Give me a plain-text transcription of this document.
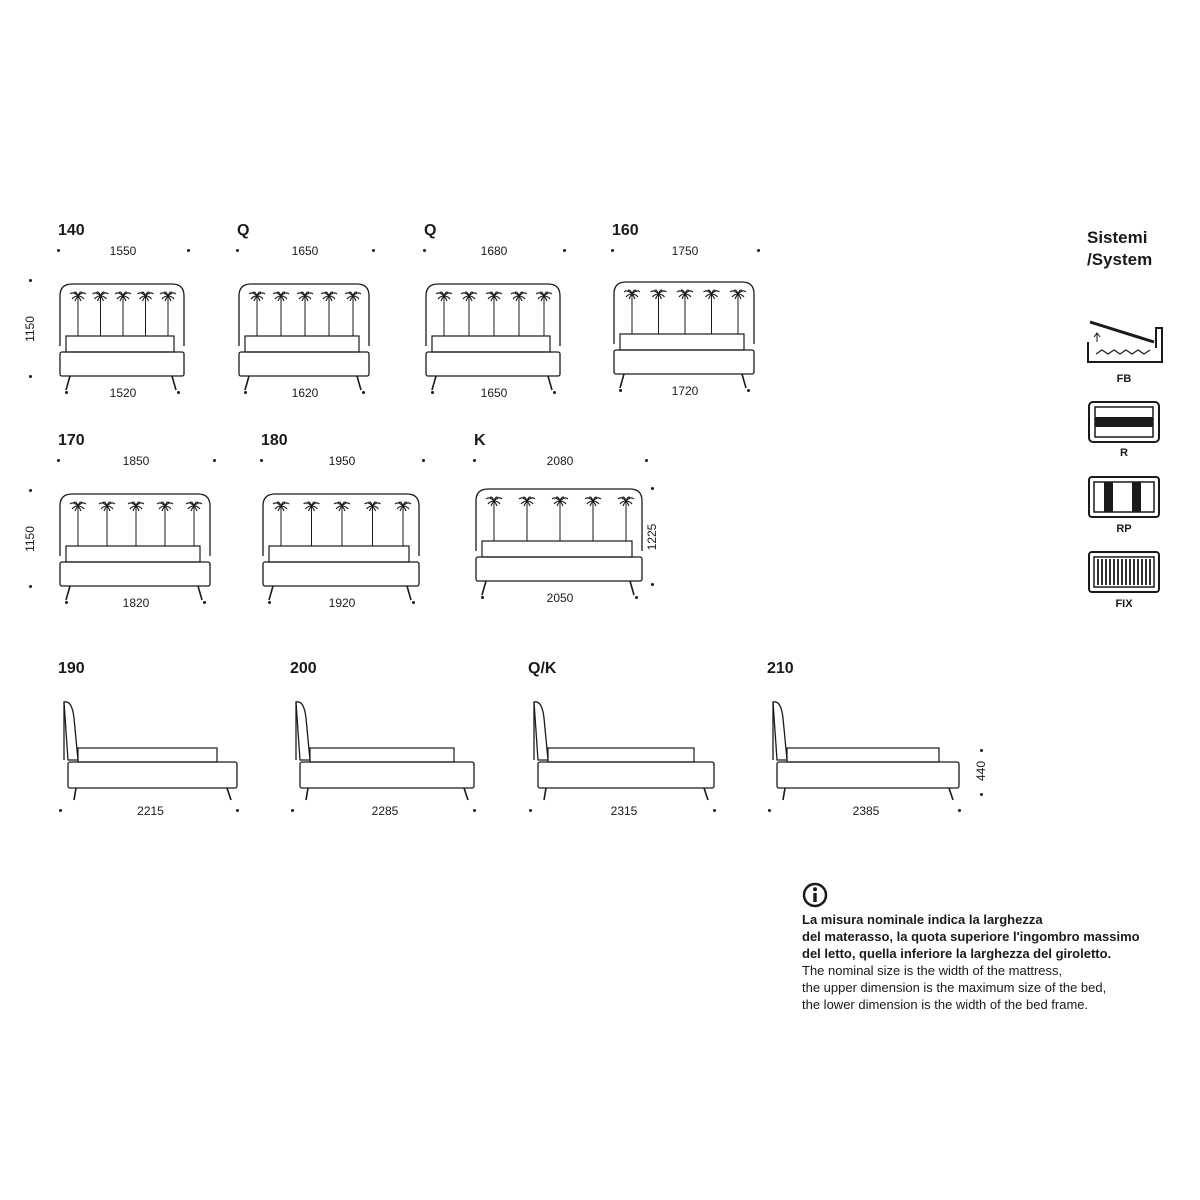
140
1550
1520
1150
Q
1650
1620
Q
1680
1650
160
1750
1720
170
1850
1820
1150
180
1950
1920
K
2080
2050
1225
190
2215
200
2285
Q/K
2315
210
2385
440
Sistemi
/System
FB
R
RP
FIX
La misura nominale indica la larghezza
del materasso, la quota superiore l'ingombro massimo
del letto, quella inferiore la larghezza del giroletto.
The nominal size is the width of the mattress,
the upper dimension is the maximum size of the bed,
the lower dimension is the width of the bed frame.
